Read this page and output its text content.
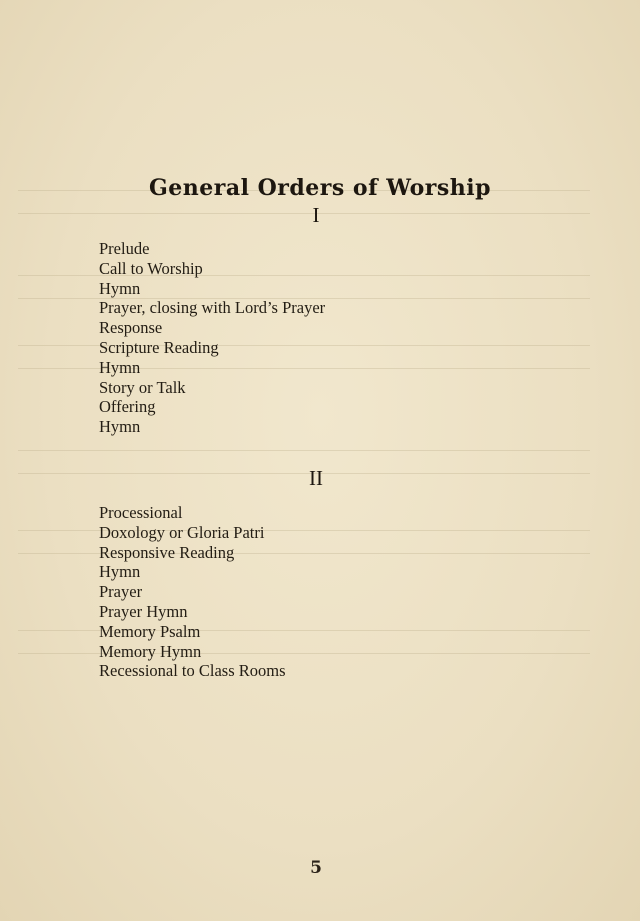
General Orders of Worship
I
Prelude
Call to Worship
Hymn
Prayer, closing with Lord’s Prayer
Response
Scripture Reading
Hymn
Story or Talk
Offering
Hymn
II
Processional
Doxology or Gloria Patri
Responsive Reading
Hymn
Prayer
Prayer Hymn
Memory Psalm
Memory Hymn
Recessional to Class Rooms
5
